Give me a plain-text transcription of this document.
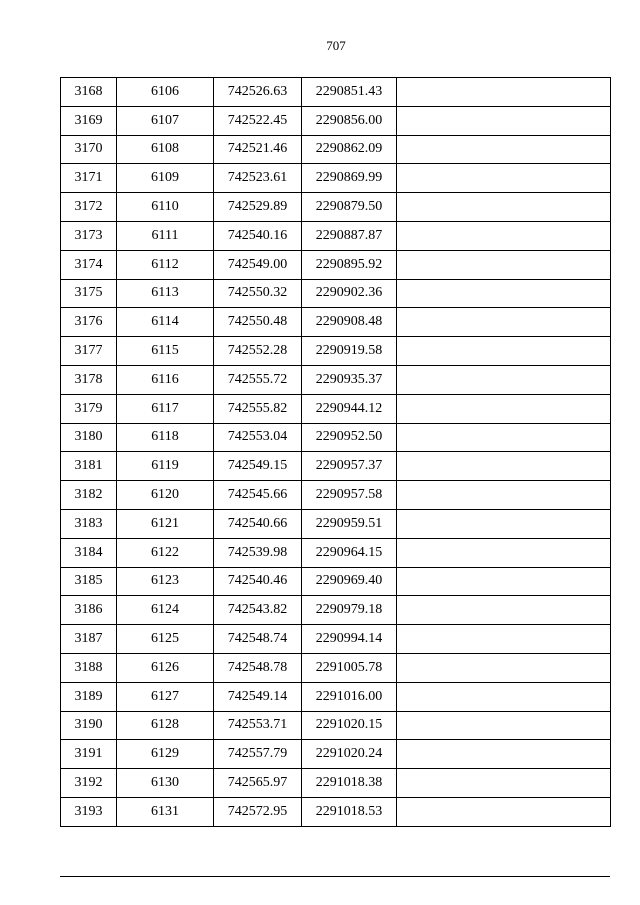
707
3168	6106	742526.63	2290851.43	
3169	6107	742522.45	2290856.00	
3170	6108	742521.46	2290862.09	
3171	6109	742523.61	2290869.99	
3172	6110	742529.89	2290879.50	
3173	6111	742540.16	2290887.87	
3174	6112	742549.00	2290895.92	
3175	6113	742550.32	2290902.36	
3176	6114	742550.48	2290908.48	
3177	6115	742552.28	2290919.58	
3178	6116	742555.72	2290935.37	
3179	6117	742555.82	2290944.12	
3180	6118	742553.04	2290952.50	
3181	6119	742549.15	2290957.37	
3182	6120	742545.66	2290957.58	
3183	6121	742540.66	2290959.51	
3184	6122	742539.98	2290964.15	
3185	6123	742540.46	2290969.40	
3186	6124	742543.82	2290979.18	
3187	6125	742548.74	2290994.14	
3188	6126	742548.78	2291005.78	
3189	6127	742549.14	2291016.00	
3190	6128	742553.71	2291020.15	
3191	6129	742557.79	2291020.24	
3192	6130	742565.97	2291018.38	
3193	6131	742572.95	2291018.53	
